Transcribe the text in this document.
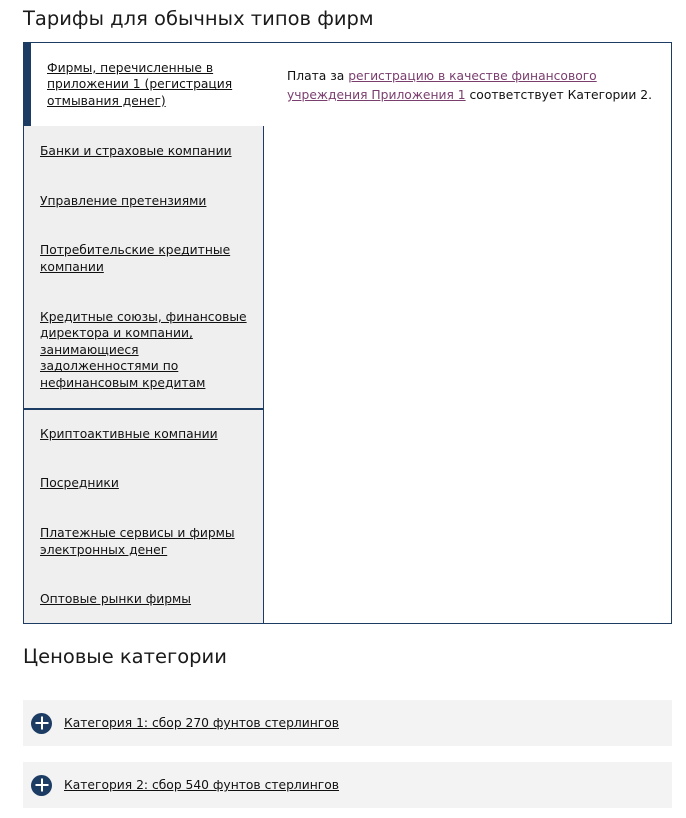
Тарифы для обычных типов фирм
Фирмы, перечисленные в приложении 1 (регистрация отмывания денег)
Банки и страховые компании
Управление претензиями
Потребительские кредитные компании
Кредитные союзы, финансовые директора и компании, занимающиеся задолженностями по нефинансовым кредитам
Криптоактивные компании
Посредники
Платежные сервисы и фирмы электронных денег
Оптовые рынки фирмы
Плата за регистрацию в качестве финансового учреждения Приложения 1 соответствует Категории 2.
Ценовые категории
Категория 1: сбор 270 фунтов стерлингов
Категория 2: сбор 540 фунтов стерлингов
